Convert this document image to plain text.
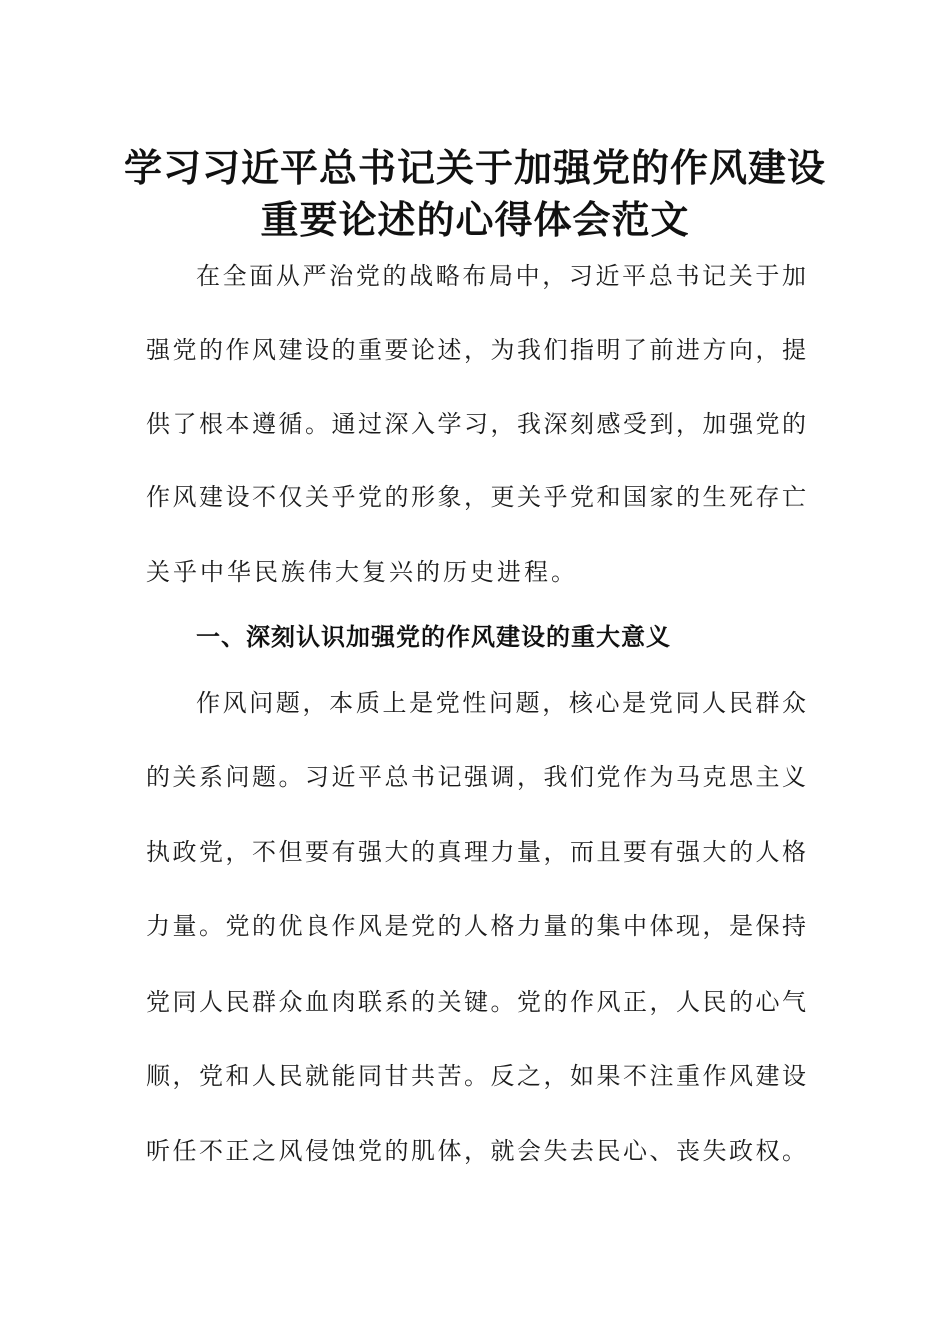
学习习近平总书记关于加强党的作风建设
重要论述的心得体会范文
在全面从严治党的战略布局中，习近平总书记关于加
强党的作风建设的重要论述，为我们指明了前进方向，提
供了根本遵循。通过深入学习，我深刻感受到，加强党的
作风建设不仅关乎党的形象，更关乎党和国家的生死存亡
关乎中华民族伟大复兴的历史进程。
一、深刻认识加强党的作风建设的重大意义
作风问题，本质上是党性问题，核心是党同人民群众
的关系问题。习近平总书记强调，我们党作为马克思主义
执政党，不但要有强大的真理力量，而且要有强大的人格
力量。党的优良作风是党的人格力量的集中体现，是保持
党同人民群众血肉联系的关键。党的作风正，人民的心气
顺，党和人民就能同甘共苦。反之，如果不注重作风建设
听任不正之风侵蚀党的肌体，就会失去民心、丧失政权。
